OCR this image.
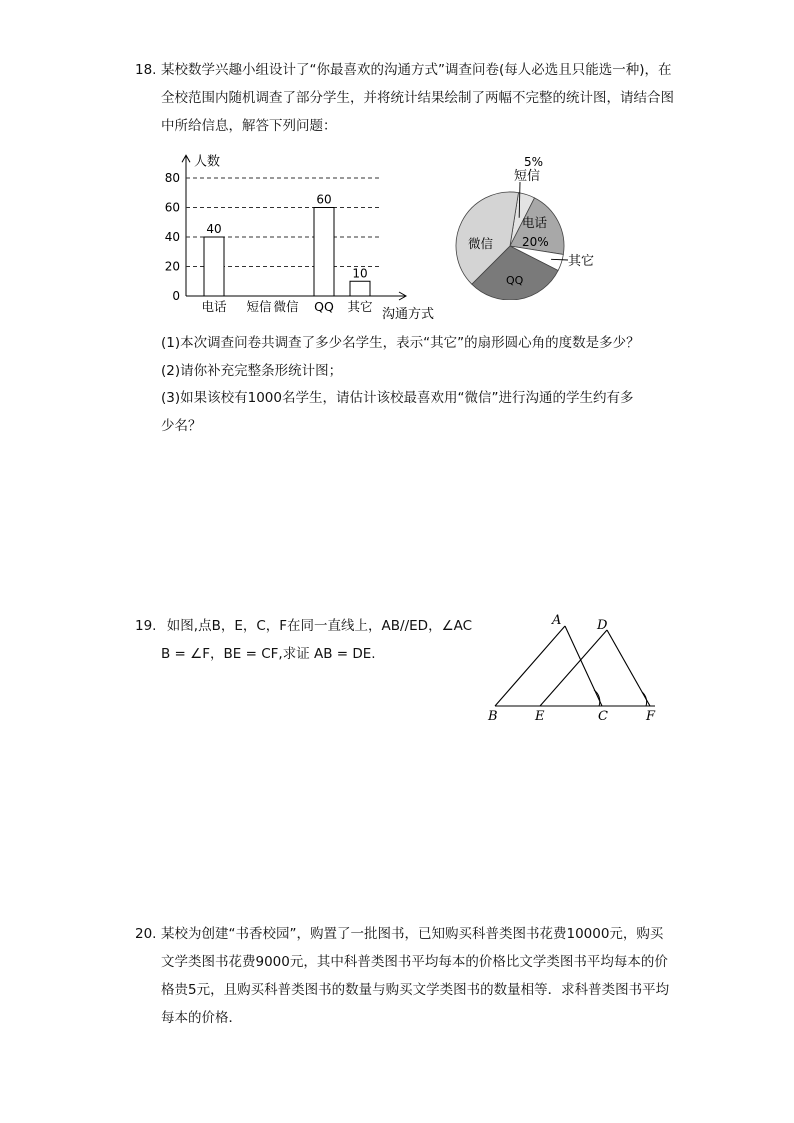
18. 某校数学兴趣小组设计了“你最喜欢的沟通方式”调查问卷(每人必选且只能选一种)，在全校范围内随机调查了部分学生，并将统计结果绘制了两幅不完整的统计图，请结合图中所给信息，解答下列问题：
人数
沟通方式
0
20
40
60
80
电话
40
短信 微信 QQ
60
其它
10
短信
5%
电话
20%
其它
QQ
微信
(1)本次调查问卷共调查了多少名学生，表示“其它”的扇形圆心角的度数是多少？
(2)请你补充完整条形统计图；
(3)如果该校有1000名学生，请估计该校最喜欢用“微信”进行沟通的学生约有多
少名？
19. 如图,点B，E，C，F在同一直线上，AB//ED，∠AC
B = ∠F，BE = CF,求证 AB = DE.
A	D
B	E	C	F
20. 某校为创建“书香校园”，购置了一批图书，已知购买科普类图书花费10000元，购买文学类图书花费9000元，其中科普类图书平均每本的价格比文学类图书平均每本的价格贵5元，且购买科普类图书的数量与购买文学类图书的数量相等．求科普类图书平均每本的价格．
